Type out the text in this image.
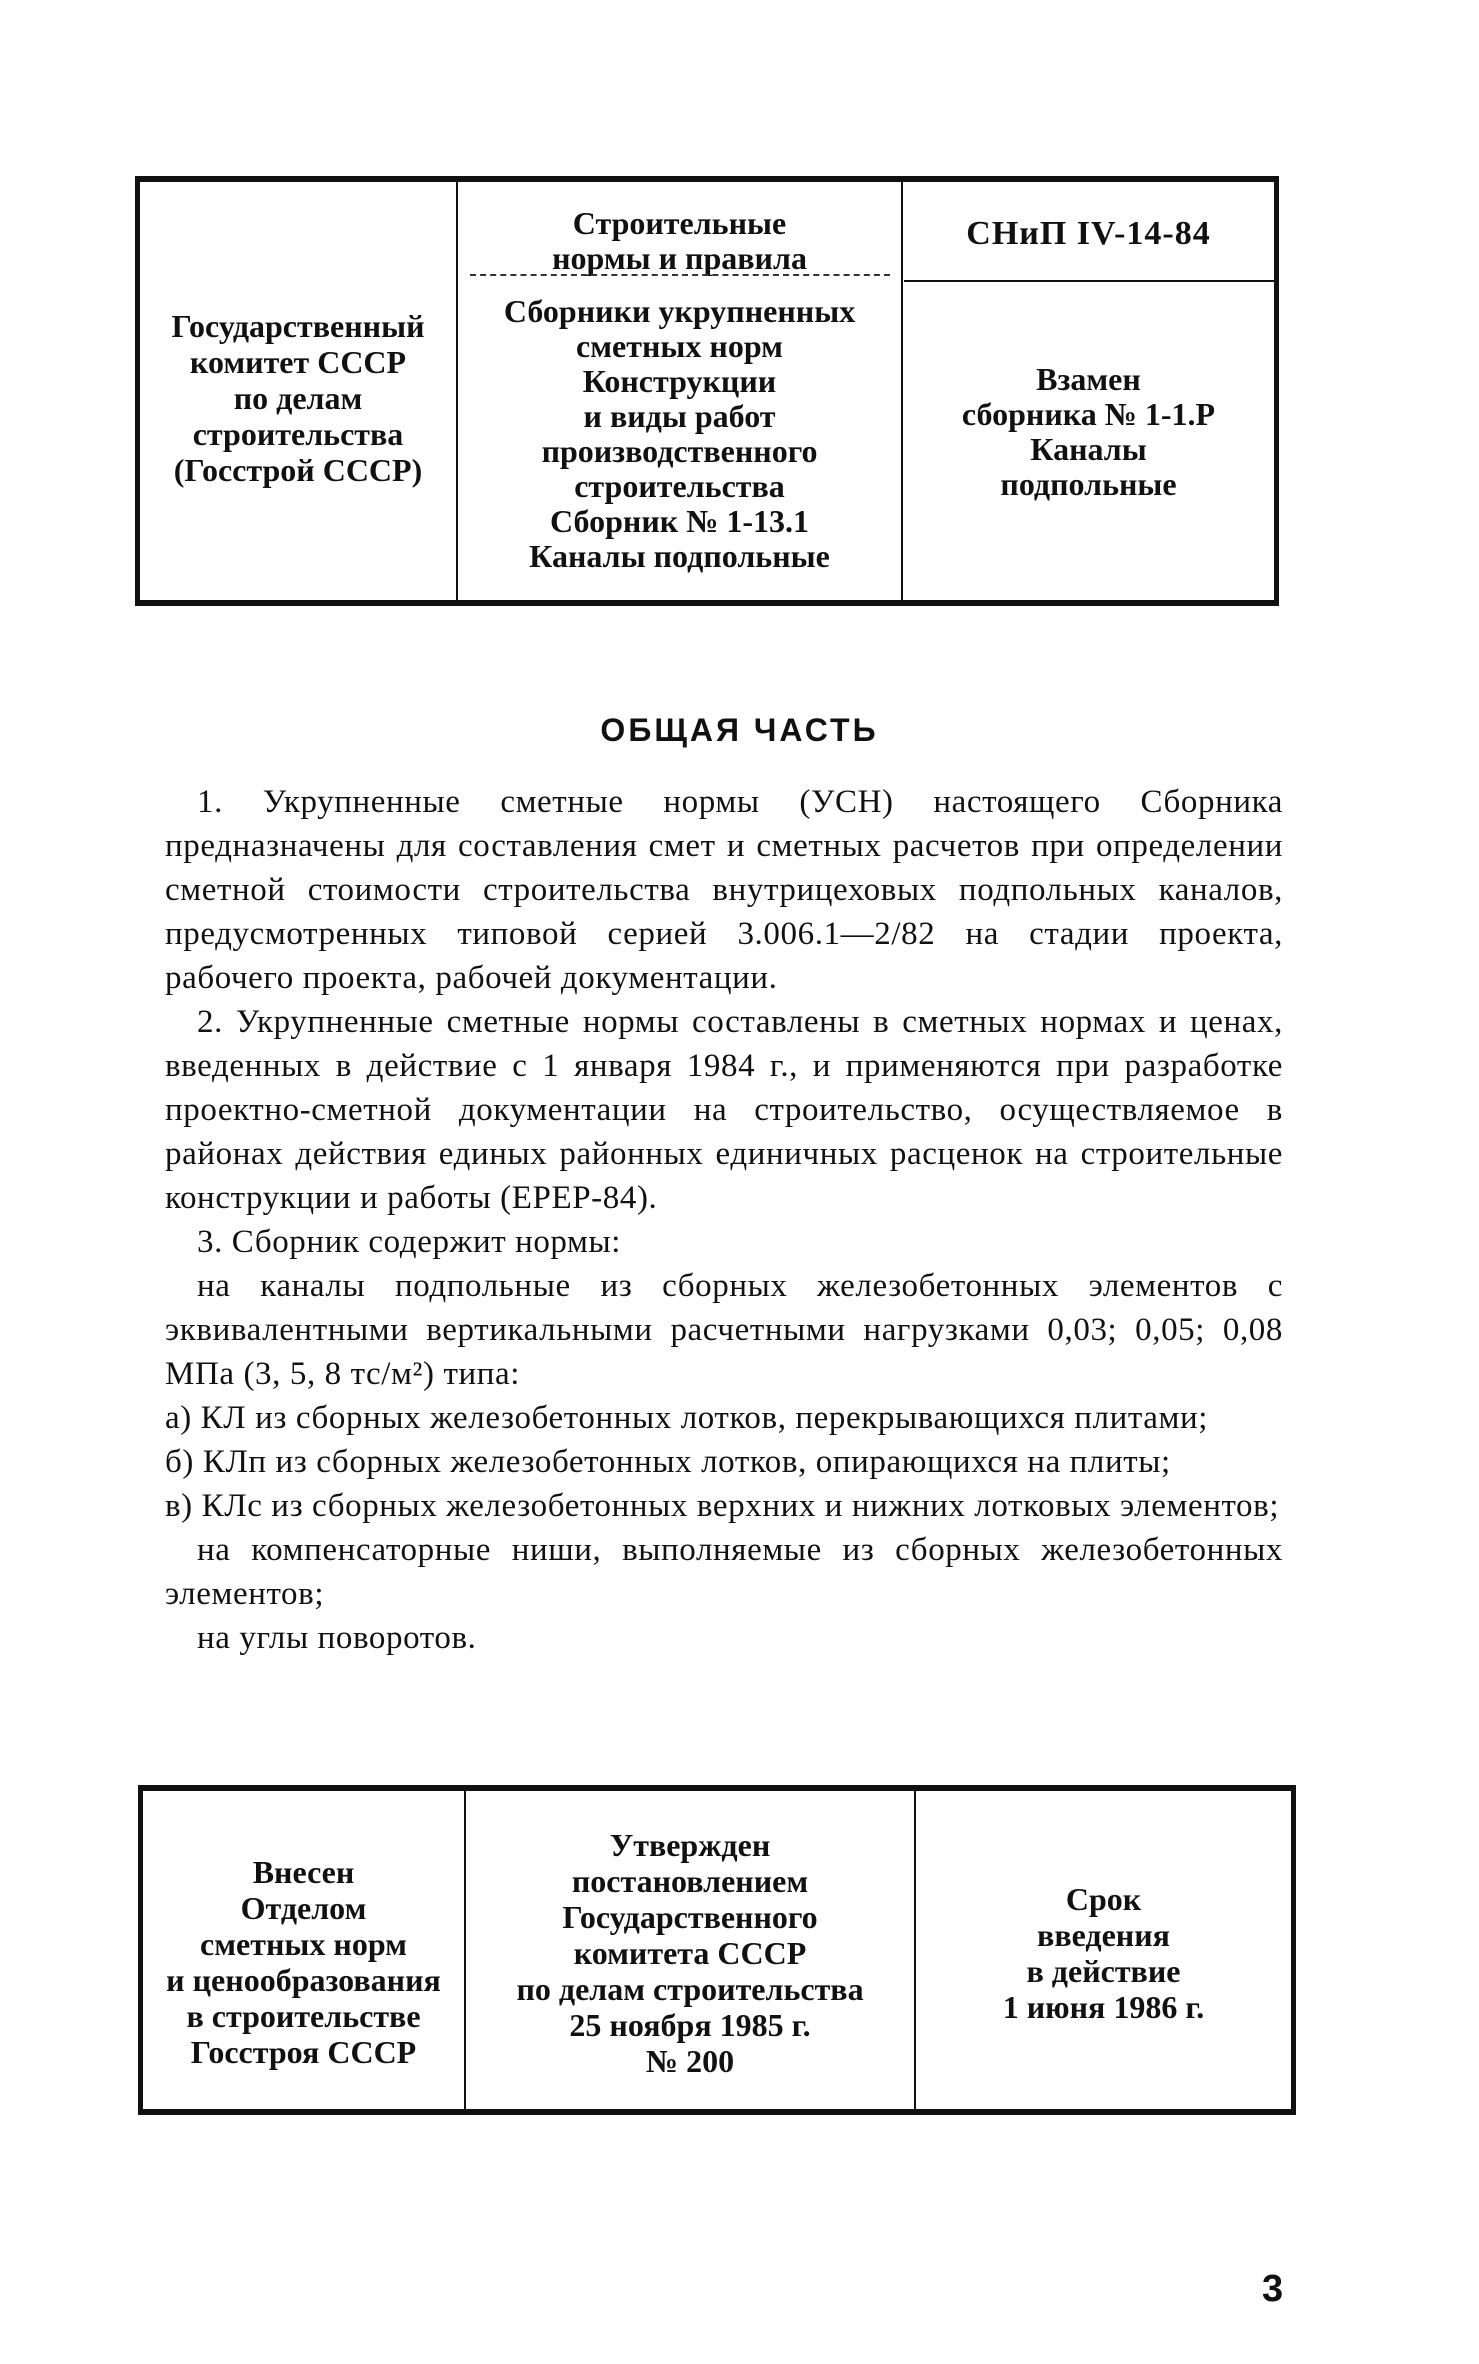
Государственный
комитет СССР
по делам
строительства
(Госстрой СССР)
Строительные
нормы и правила
Сборники укрупненных
сметных норм
Конструкции
и виды работ
производственного
строительства
Сборник № 1-13.1
Каналы подпольные
СНиП IV-14-84
Взамен
сборника № 1-1.Р
Каналы
подпольные
ОБЩАЯ ЧАСТЬ

1. Укрупненные сметные нормы (УСН) настоящего Сборника предназначены для составления смет и сметных расчетов при определении сметной стоимости строительства внутрицеховых подпольных каналов, предусмотренных типовой серией 3.006.1—2/82 на стадии проекта, рабочего проекта, рабочей документации.

2. Укрупненные сметные нормы составлены в сметных нормах и ценах, введенных в действие с 1 января 1984 г., и применяются при разработке проектно-сметной документации на строительство, осуществляемое в районах действия единых районных единичных расценок на строительные конструкции и работы (ЕРЕР-84).

3. Сборник содержит нормы:

на каналы подпольные из сборных железобетонных элементов с эквивалентными вертикальными расчетными нагрузками 0,03; 0,05; 0,08 МПа (3, 5, 8 тс/м²) типа:

а) КЛ из сборных железобетонных лотков, перекрывающихся плитами;

б) КЛп из сборных железобетонных лотков, опирающихся на плиты;

в) КЛс из сборных железобетонных верхних и нижних лотковых элементов;

на компенсаторные ниши, выполняемые из сборных железобетонных элементов;

на углы поворотов.

Внесен
Отделом
сметных норм
и ценообразования
в строительстве
Госстроя СССР
Утвержден
постановлением
Государственного
комитета СССР
по делам строительства
25 ноября 1985 г.
№ 200
Срок
введения
в действие
1 июня 1986 г.
3
